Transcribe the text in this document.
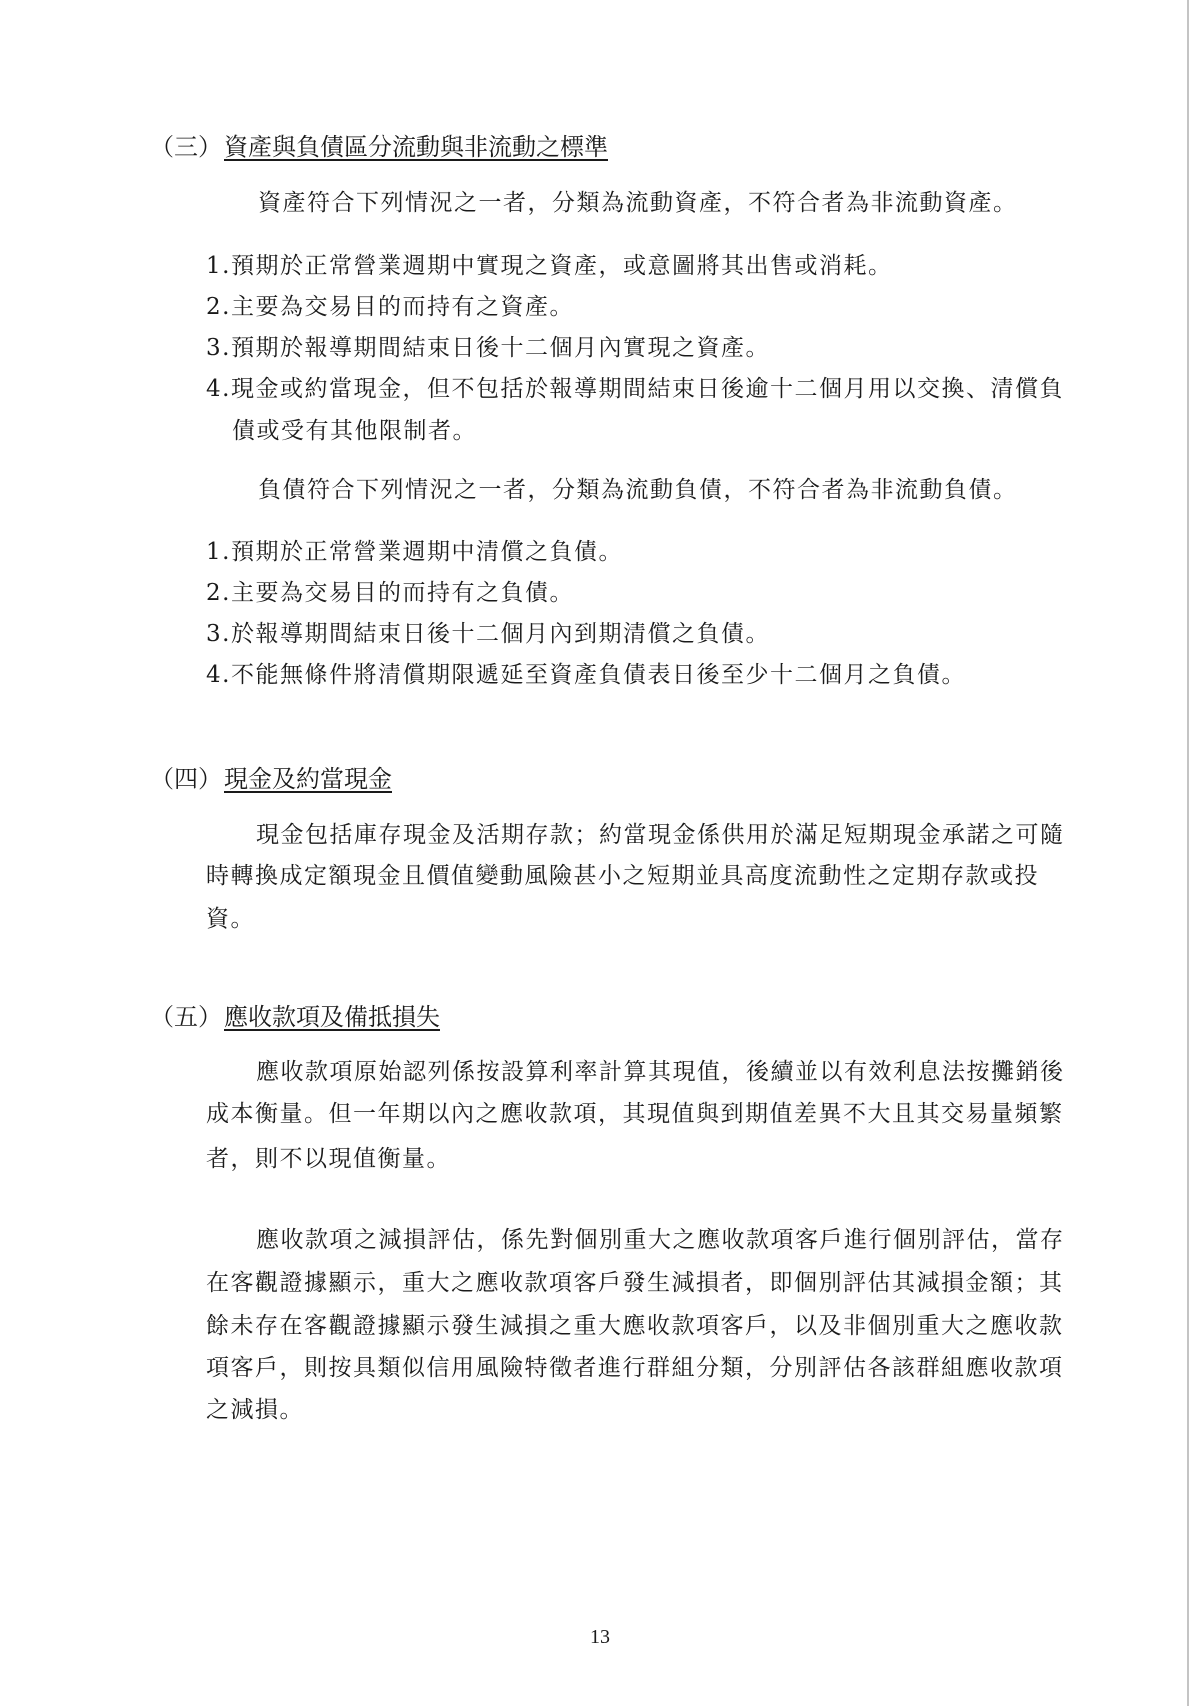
（三）資產與負債區分流動與非流動之標準
資產符合下列情況之一者，分類為流動資產，不符合者為非流動資產。
1.預期於正常營業週期中實現之資產，或意圖將其出售或消耗。
2.主要為交易目的而持有之資產。
3.預期於報導期間結束日後十二個月內實現之資產。
4.現金或約當現金，但不包括於報導期間結束日後逾十二個月用以交換、清償負
債或受有其他限制者。
負債符合下列情況之一者，分類為流動負債，不符合者為非流動負債。
1.預期於正常營業週期中清償之負債。
2.主要為交易目的而持有之負債。
3.於報導期間結束日後十二個月內到期清償之負債。
4.不能無條件將清償期限遞延至資產負債表日後至少十二個月之負債。
（四）現金及約當現金
現金包括庫存現金及活期存款；約當現金係供用於滿足短期現金承諾之可隨
時轉換成定額現金且價值變動風險甚小之短期並具高度流動性之定期存款或投
資。
（五）應收款項及備抵損失
應收款項原始認列係按設算利率計算其現值，後續並以有效利息法按攤銷後
成本衡量。但一年期以內之應收款項，其現值與到期值差異不大且其交易量頻繁
者，則不以現值衡量。
應收款項之減損評估，係先對個別重大之應收款項客戶進行個別評估，當存
在客觀證據顯示，重大之應收款項客戶發生減損者，即個別評估其減損金額；其
餘未存在客觀證據顯示發生減損之重大應收款項客戶，以及非個別重大之應收款
項客戶，則按具類似信用風險特徵者進行群組分類，分別評估各該群組應收款項
之減損。
13
